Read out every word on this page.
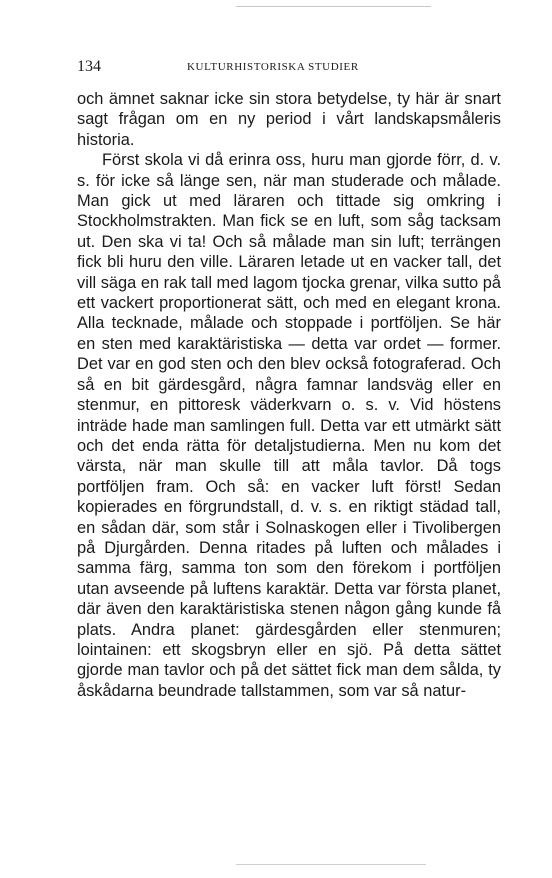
134	KULTURHISTORISKA STUDIER

och ämnet saknar icke sin stora betydelse, ty här är snart sagt frågan om en ny period i vårt landskapsmåleris historia.

Först skola vi då erinra oss, huru man gjorde förr, d. v. s. för icke så länge sen, när man studerade och målade. Man gick ut med läraren och tittade sig omkring i Stockholmstrakten. Man fick se en luft, som såg tacksam ut. Den ska vi ta! Och så målade man sin luft; terrängen fick bli huru den ville. Läraren letade ut en vacker tall, det vill säga en rak tall med lagom tjocka grenar, vilka sutto på ett vackert proportionerat sätt, och med en elegant krona. Alla tecknade, målade och stoppade i portföljen. Se här en sten med karaktäristiska — detta var ordet — former. Det var en god sten och den blev också fotograferad. Och så en bit gärdesgård, några famnar landsväg eller en stenmur, en pittoresk väderkvarn o. s. v. Vid höstens inträde hade man samlingen full. Detta var ett utmärkt sätt och det enda rätta för detaljstudierna. Men nu kom det värsta, när man skulle till att måla tavlor. Då togs portföljen fram. Och så: en vacker luft först! Sedan kopierades en förgrundstall, d. v. s. en riktigt städad tall, en sådan där, som står i Solnaskogen eller i Tivolibergen på Djurgården. Denna ritades på luften och målades i samma färg, samma ton som den förekom i portföljen utan avseende på luftens karaktär. Detta var första planet, där även den karaktäristiska stenen någon gång kunde få plats. Andra planet: gärdesgården eller stenmuren; lointainen: ett skogsbryn eller en sjö. På detta sättet gjorde man tavlor och på det sättet fick man dem sålda, ty åskådarna beundrade tallstammen, som var så natur-
